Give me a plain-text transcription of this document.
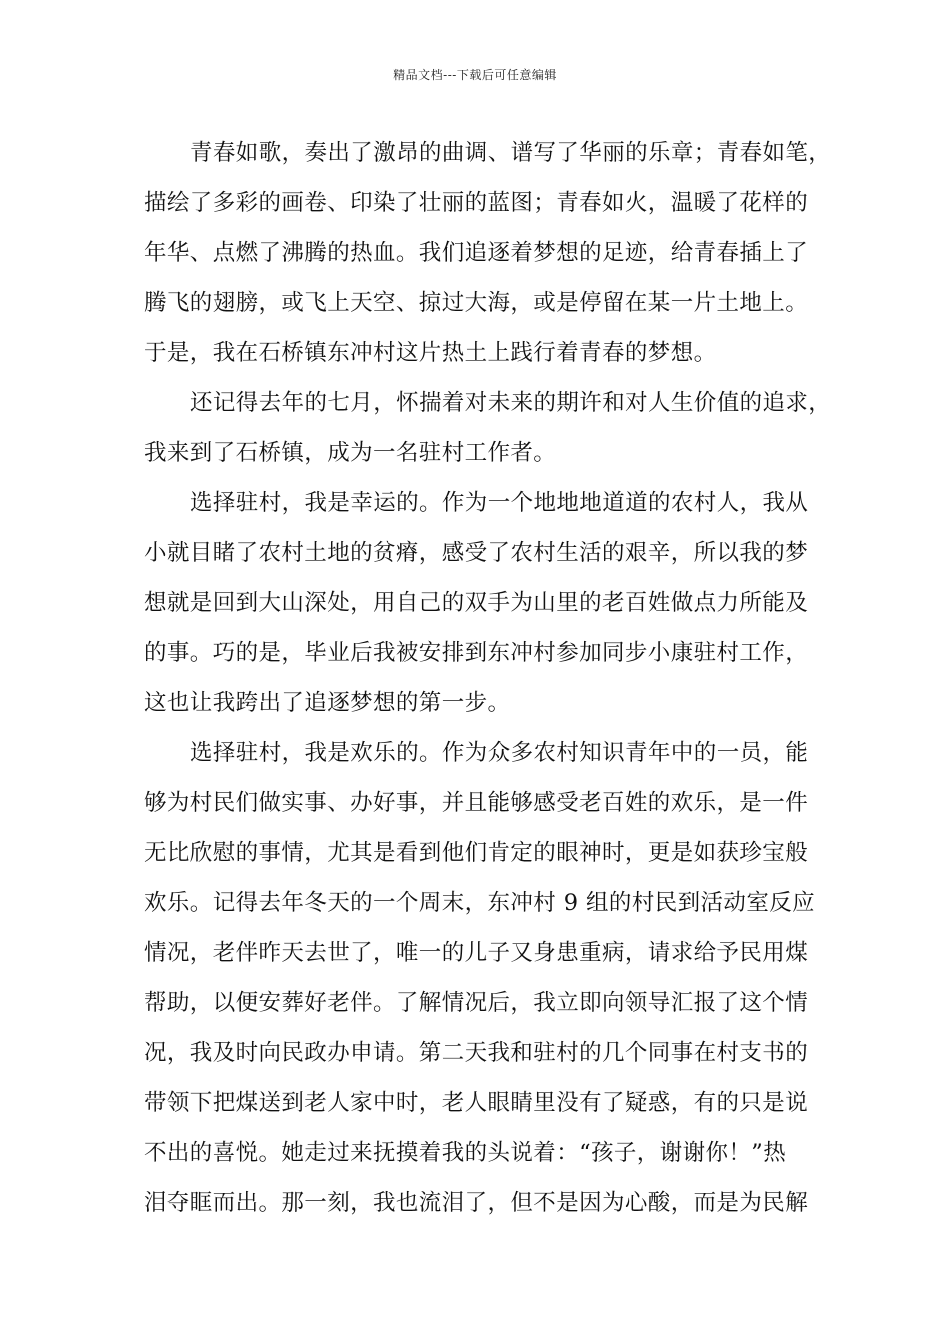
精品文档---下载后可任意编辑
青春如歌，奏出了激昂的曲调、谱写了华丽的乐章；青春如笔，
描绘了多彩的画卷、印染了壮丽的蓝图；青春如火，温暖了花样的
年华、点燃了沸腾的热血。我们追逐着梦想的足迹，给青春插上了
腾飞的翅膀，或飞上天空、掠过大海，或是停留在某一片土地上。
于是，我在石桥镇东冲村这片热土上践行着青春的梦想。
还记得去年的七月，怀揣着对未来的期许和对人生价值的追求，
我来到了石桥镇，成为一名驻村工作者。
选择驻村，我是幸运的。作为一个地地地道道的农村人，我从
小就目睹了农村土地的贫瘠，感受了农村生活的艰辛，所以我的梦
想就是回到大山深处，用自己的双手为山里的老百姓做点力所能及
的事。巧的是，毕业后我被安排到东冲村参加同步小康驻村工作，
这也让我跨出了追逐梦想的第一步。
选择驻村，我是欢乐的。作为众多农村知识青年中的一员，能
够为村民们做实事、办好事，并且能够感受老百姓的欢乐，是一件
无比欣慰的事情，尤其是看到他们肯定的眼神时，更是如获珍宝般
欢乐。记得去年冬天的一个周末，东冲村 9 组的村民到活动室反应
情况，老伴昨天去世了，唯一的儿子又身患重病，请求给予民用煤
帮助，以便安葬好老伴。了解情况后，我立即向领导汇报了这个情
况，我及时向民政办申请。第二天我和驻村的几个同事在村支书的
带领下把煤送到老人家中时，老人眼睛里没有了疑惑，有的只是说
不出的喜悦。她走过来抚摸着我的头说着：“孩子，谢谢你！”热
泪夺眶而出。那一刻，我也流泪了，但不是因为心酸，而是为民解
